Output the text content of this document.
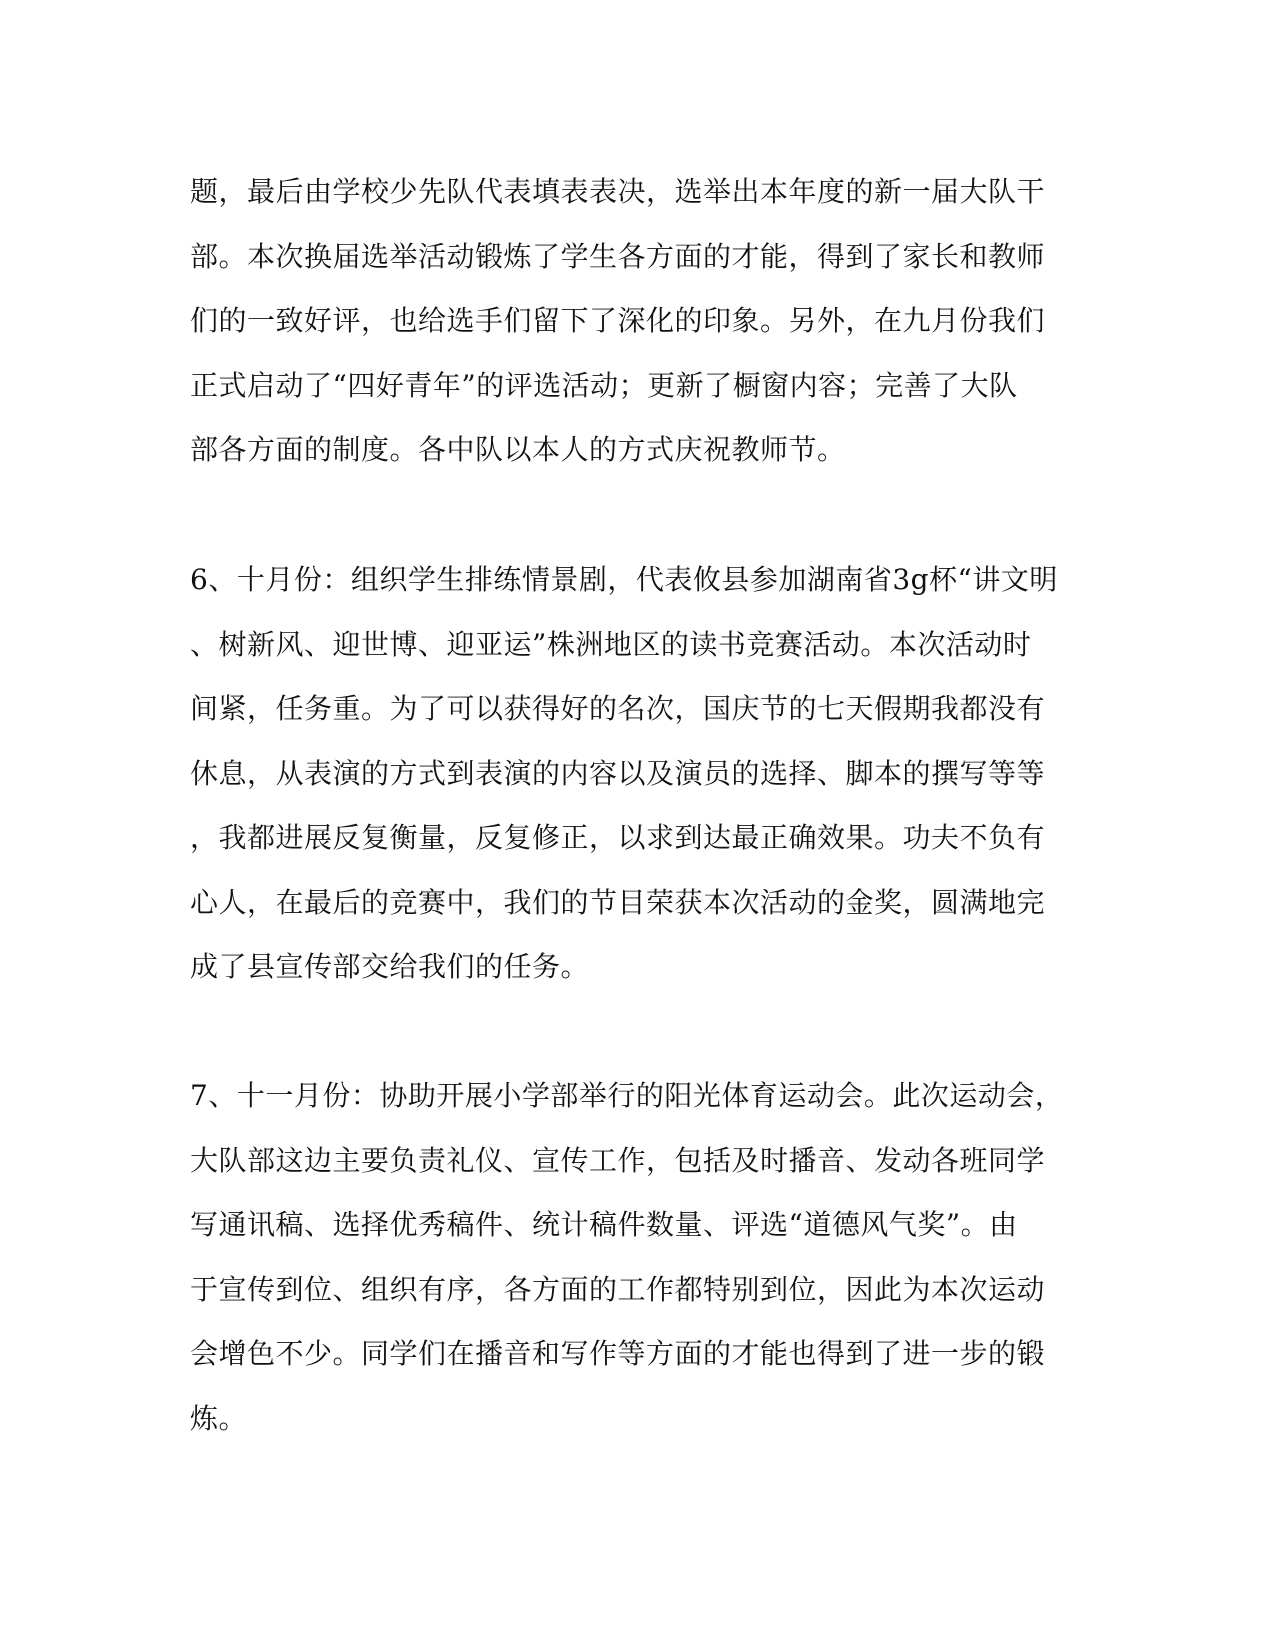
题，最后由学校少先队代表填表表决，选举出本年度的新一届大队干
部。本次换届选举活动锻炼了学生各方面的才能，得到了家长和教师
们的一致好评，也给选手们留下了深化的印象。另外，在九月份我们
正式启动了“四好青年”的评选活动；更新了橱窗内容；完善了大队
部各方面的制度。各中队以本人的方式庆祝教师节。
6、十月份：组织学生排练情景剧，代表攸县参加湖南省3g杯“讲文明
、树新风、迎世博、迎亚运”株洲地区的读书竞赛活动。本次活动时
间紧，任务重。为了可以获得好的名次，国庆节的七天假期我都没有
休息，从表演的方式到表演的内容以及演员的选择、脚本的撰写等等
，我都进展反复衡量，反复修正，以求到达最正确效果。功夫不负有
心人，在最后的竞赛中，我们的节目荣获本次活动的金奖，圆满地完
成了县宣传部交给我们的任务。
7、十一月份：协助开展小学部举行的阳光体育运动会。此次运动会，
大队部这边主要负责礼仪、宣传工作，包括及时播音、发动各班同学
写通讯稿、选择优秀稿件、统计稿件数量、评选“道德风气奖”。由
于宣传到位、组织有序，各方面的工作都特别到位，因此为本次运动
会增色不少。同学们在播音和写作等方面的才能也得到了进一步的锻
炼。
